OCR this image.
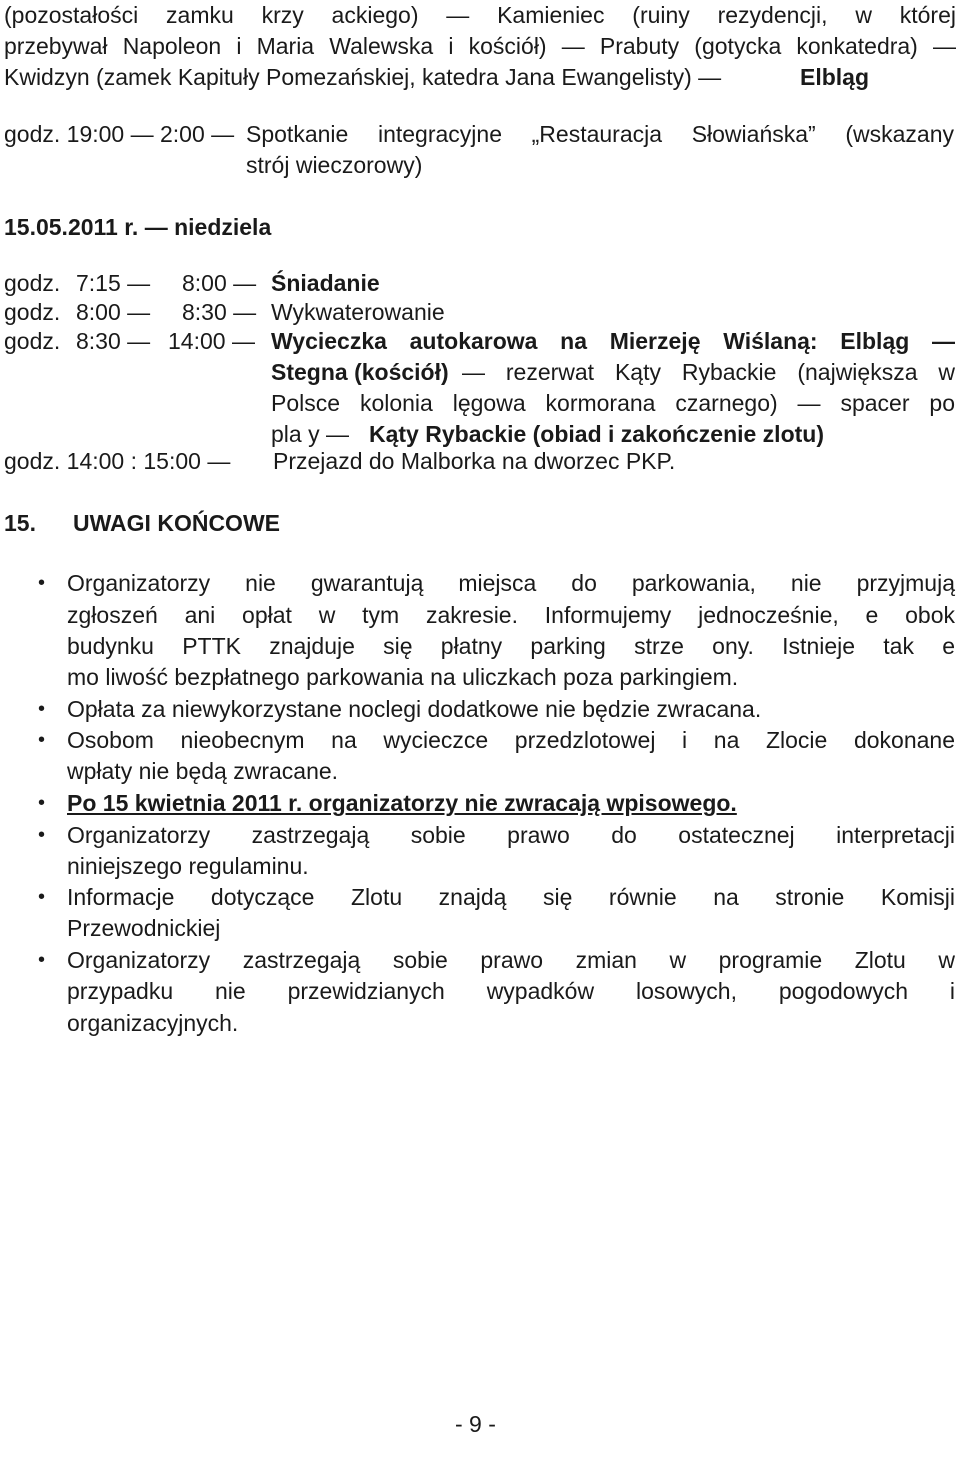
(pozostałości zamku krzy ackiego) — Kamieniec (ruiny rezydencji, w której
przebywał Napoleon i Maria Walewska i kościół) — Prabuty (gotycka konkatedra) —
Kwidzyn (zamek Kapituły Pomezańskiej, katedra Jana Ewangelisty) —	Elbląg
godz. 19:00 — 2:00 — Spotkanie integracyjne „Restauracja Słowiańska” (wskazany
strój wieczorowy)
15.05.2011 r. — niedziela
godz. 7:15 — 8:00 — Śniadanie
godz. 8:00 — 8:30 — Wykwaterowanie
godz. 8:30 — 14:00 — Wycieczka autokarowa na Mierzeję Wiślaną: Elbląg —
Stegna (kościół) — rezerwat Kąty Rybackie (największa w
Polsce kolonia lęgowa kormorana czarnego) — spacer po
pla y — Kąty Rybackie (obiad i zakończenie zlotu)
godz. 14:00 : 15:00 — Przejazd do Malborka na dworzec PKP.
15. UWAGI KOŃCOWE
• Organizatorzy nie gwarantują miejsca do parkowania, nie przyjmują
zgłoszeń ani opłat w tym zakresie. Informujemy jednocześnie, e obok
budynku PTTK znajduje się płatny parking strze ony. Istnieje tak e
mo liwość bezpłatnego parkowania na uliczkach poza parkingiem.
• Opłata za niewykorzystane noclegi dodatkowe nie będzie zwracana.
• Osobom nieobecnym na wycieczce przedzlotowej i na Zlocie dokonane
wpłaty nie będą zwracane.
• Po 15 kwietnia 2011 r. organizatorzy nie zwracają wpisowego.
• Organizatorzy zastrzegają sobie prawo do ostatecznej interpretacji
niniejszego regulaminu.
• Informacje dotyczące Zlotu znajdą się równie na stronie Komisji
Przewodnickiej
• Organizatorzy zastrzegają sobie prawo zmian w programie Zlotu w
przypadku nie przewidzianych wypadków losowych, pogodowych i
organizacyjnych.
- 9 -
